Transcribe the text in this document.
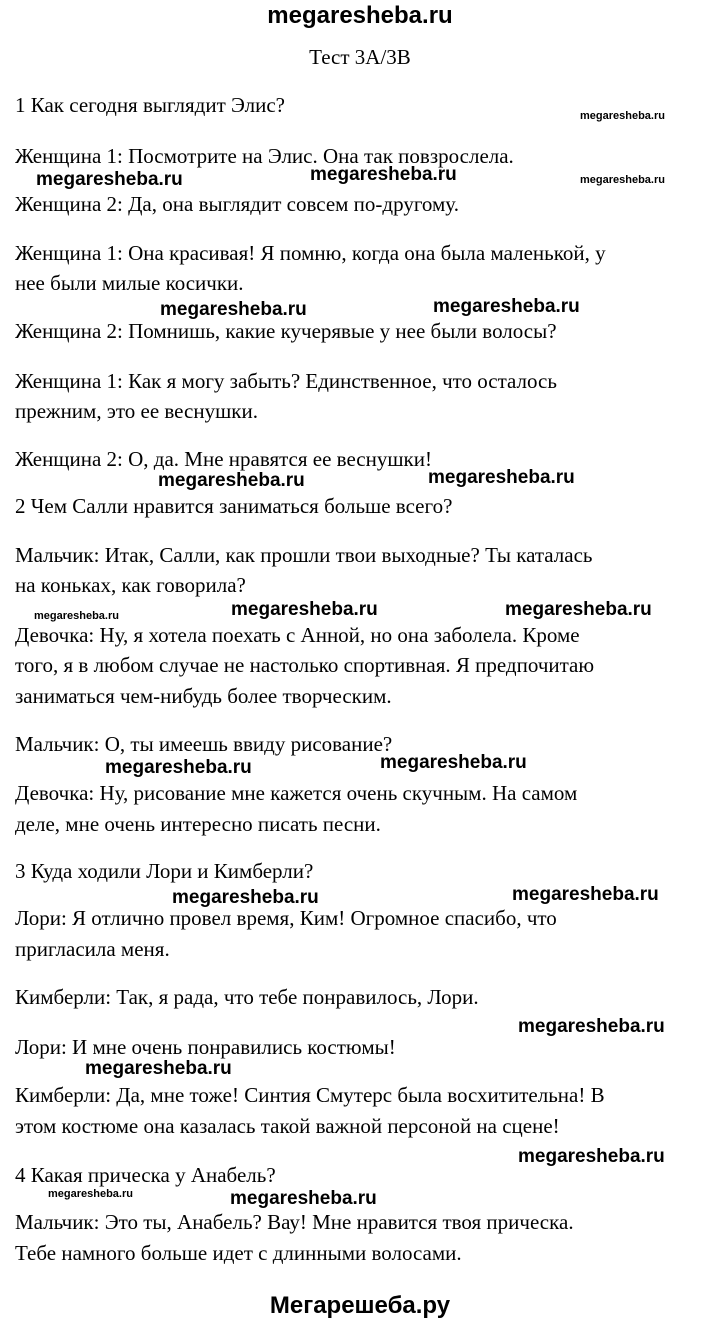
megaresheba.ru
Тест 3A/3B
1 Как сегодня выглядит Элис?
Женщина 1: Посмотрите на Элис. Она так повзрослела.
Женщина 2: Да, она выглядит совсем по-другому.
Женщина 1: Она красивая! Я помню, когда она была маленькой, у
нее были милые косички.
Женщина 2: Помнишь, какие кучерявые у нее были волосы?
Женщина 1: Как я могу забыть? Единственное, что осталось
прежним, это ее веснушки.
Женщина 2: О, да. Мне нравятся ее веснушки!
2 Чем Салли нравится заниматься больше всего?
Мальчик: Итак, Салли, как прошли твои выходные? Ты каталась
на коньках, как говорила?
Девочка: Ну, я хотела поехать с Анной, но она заболела. Кроме
того, я в любом случае не настолько спортивная. Я предпочитаю
заниматься чем-нибудь более творческим.
Мальчик: О, ты имеешь ввиду рисование?
Девочка: Ну, рисование мне кажется очень скучным. На самом
деле, мне очень интересно писать песни.
3 Куда ходили Лори и Кимберли?
Лори: Я отлично провел время, Ким! Огромное спасибо, что
пригласила меня.
Кимберли: Так, я рада, что тебе понравилось, Лори.
Лори: И мне очень понравились костюмы!
Кимберли: Да, мне тоже! Синтия Смутерс была восхитительна! В
этом костюме она казалась такой важной персоной на сцене!
4 Какая прическа у Анабель?
Мальчик: Это ты, Анабель? Вау! Мне нравится твоя прическа.
Тебе намного больше идет с длинными волосами.
megaresheba.ru
megaresheba.ru	megaresheba.ru	megaresheba.ru
megaresheba.ru	megaresheba.ru
megaresheba.ru	megaresheba.ru
megaresheba.ru	megaresheba.ru	megaresheba.ru
megaresheba.ru	megaresheba.ru
megaresheba.ru	megaresheba.ru
megaresheba.ru
megaresheba.ru
megaresheba.ru
megaresheba.ru	megaresheba.ru
Мегарешеба.ру
